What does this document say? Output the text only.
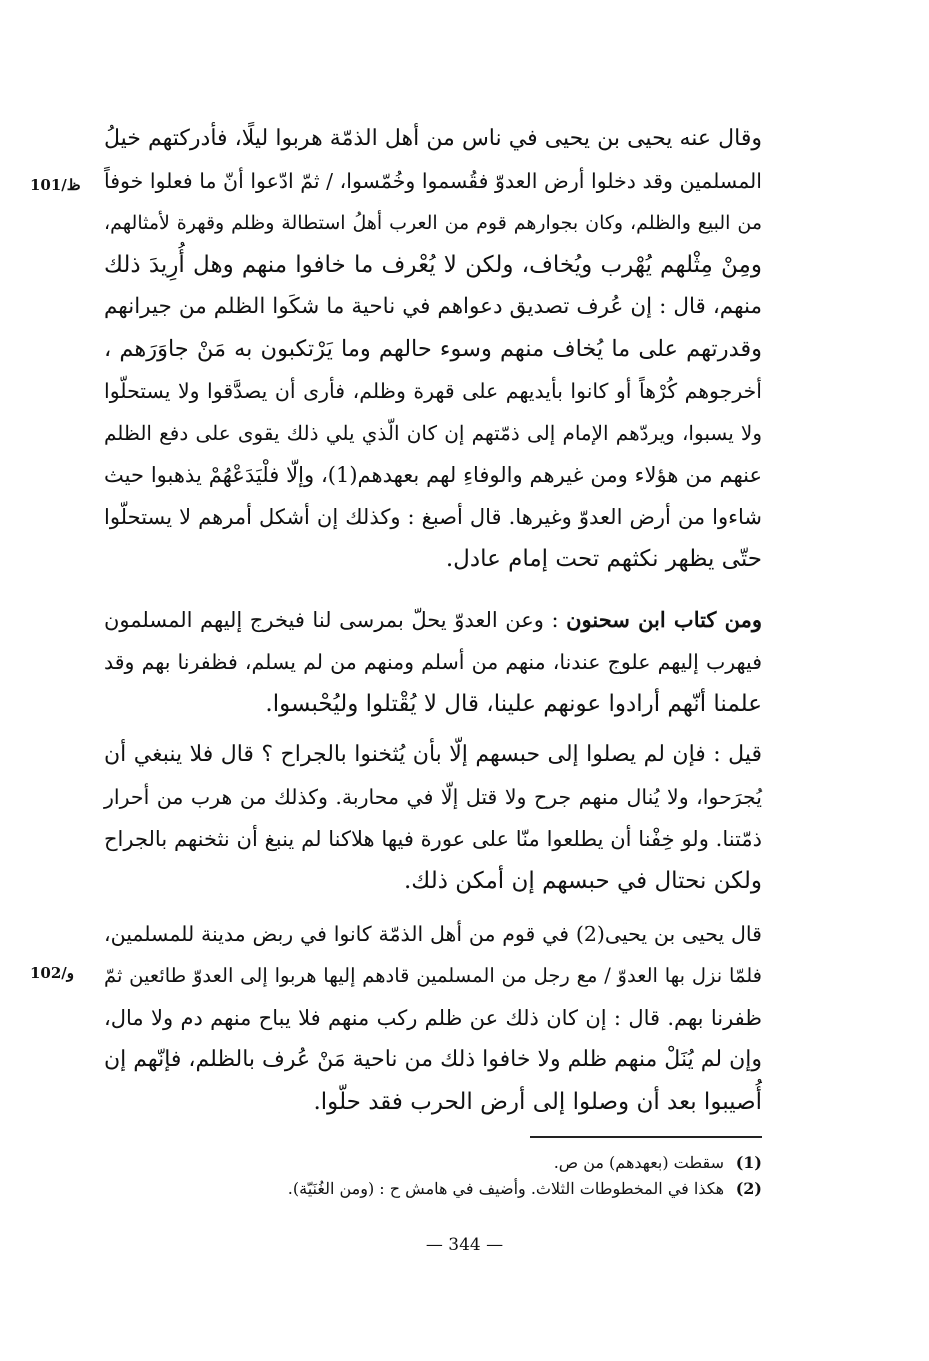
وقال عنه يحيى بن يحيى في ناس من أهل الذمّة هربوا ليلًا، فأدركتهم خيلُ
المسلمين وقد دخلوا أرض العدوّ فقُسموا وخُمّسوا، / ثمّ ادّعوا أنّ ما فعلوا خوفاً
من البيع والظلم، وكان بجوارهم قوم من العرب أهلُ استطالة وظلم وقهرة لأمثالهم،
ومِنْ مِثْلهم يُهْرب ويُخاف، ولكن لا يُعْرف ما خافوا منهم وهل أُرِيدَ ذلك
منهم، قال : إن عُرف تصديق دعواهم في ناحية ما شكَوا الظلم من جيرانهم
وقدرتهم على ما يُخاف منهم وسوء حالهم وما يَرْتكبون به مَنْ جاوَرَهم ،
أخرجوهم كُرْهاً أو كانوا بأيديهم على قهرة وظلم، فأرى أن يصدَّقوا ولا يستحلّوا
ولا يسبوا، ويردّهم الإمام إلى ذمّتهم إن كان الّذي يلي ذلك يقوى على دفع الظلم
عنهم من هؤلاء ومن غيرهم والوفاءِ لهم بعهدهم(1)، وإلّا فلْيَدَعْهُمْ يذهبوا حيث
شاءوا من أرض العدوّ وغيرها. قال أصبغ : وكذلك إن أشكل أمرهم لا يستحلّوا
حتّى يظهر نكثهم تحت إمام عادل.
ومن كتاب ابن سحنون : وعن العدوّ يحلّ بمرسى لنا فيخرج إليهم المسلمون
فيهرب إليهم علوج عندنا، منهم من أسلم ومنهم من لم يسلم، فظفرنا بهم وقد
علمنا أنّهم أرادوا عونهم علينا، قال لا يُقْتلوا وليُحْبسوا.
قيل : فإن لم يصلوا إلى حبسهم إلّا بأن يُثخنوا بالجراح ؟ قال فلا ينبغي أن
يُجرَحوا، ولا يُنال منهم جرح ولا قتل إلّا في محاربة. وكذلك من هرب من أحرار
ذمّتنا. ولو خِفْنا أن يطلعوا منّا على عورة فيها هلاكنا لم ينبغ أن نثخنهم بالجراح
ولكن نحتال في حبسهم إن أمكن ذلك.
قال يحيى بن يحيى(2) في قوم من أهل الذمّة كانوا في ربض مدينة للمسلمين،
فلمّا نزل بها العدوّ / مع رجل من المسلمين قادهم إليها هربوا إلى العدوّ طائعين ثمّ
ظفرنا بهم. قال : إن كان ذلك عن ظلم ركب منهم فلا يباح منهم دم ولا مال،
وإن لم يُنَلْ منهم ظلم ولا خافوا ذلك من ناحية مَنْ عُرف بالظلم، فإنّهم إن
أُصيبوا بعد أن وصلوا إلى أرض الحرب فقد حلّوا.
101/ظ
102/و
(1)
سقطت (بعهدهم) من ص.
(2)
هكذا في المخطوطات الثلاث. وأضيف في هامش ح : (ومن الغُنَيّة).
— 344 —
